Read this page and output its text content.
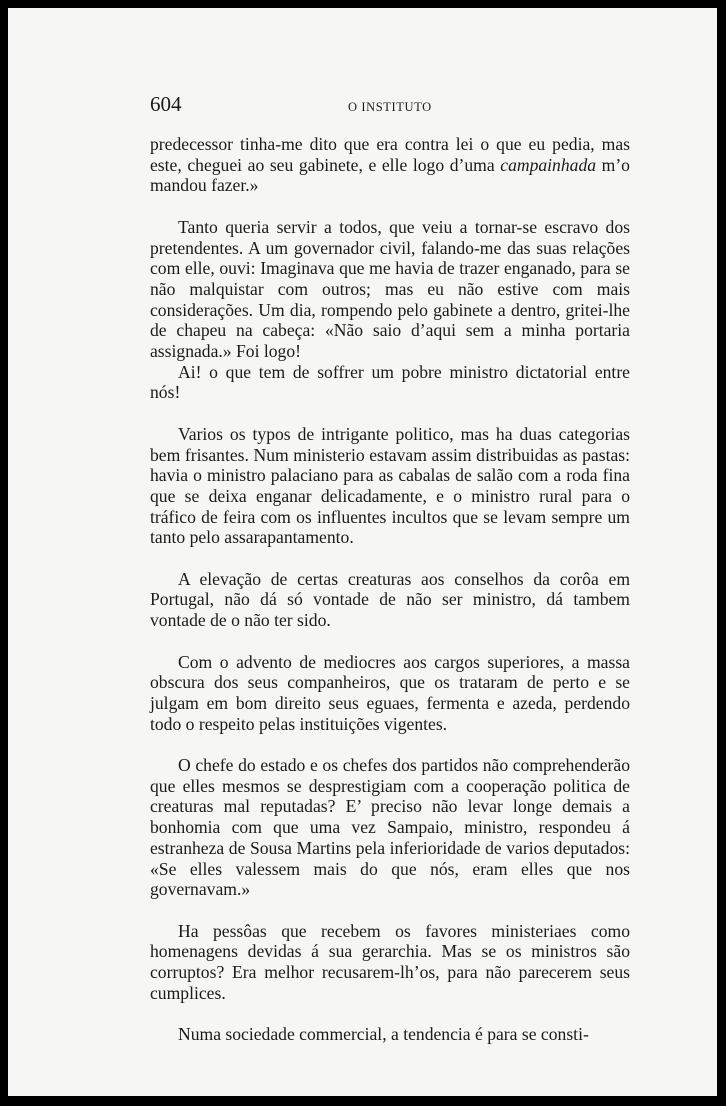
604	O INSTITUTO

predecessor tinha-me dito que era contra lei o que eu pedia, mas este, cheguei ao seu gabinete, e elle logo d’uma campainhada m’o mandou fazer.»

Tanto queria servir a todos, que veiu a tornar-se escravo dos pretendentes. A um governador civil, falando-me das suas relações com elle, ouvi: Imaginava que me havia de trazer enganado, para se não malquistar com outros; mas eu não estive com mais considerações. Um dia, rompendo pelo gabinete a dentro, gritei-lhe de chapeu na cabeça: «Não saio d’aqui sem a minha portaria assignada.» Foi logo!

Ai! o que tem de soffrer um pobre ministro dictatorial entre nós!

Varios os typos de intrigante politico, mas ha duas categorias bem frisantes. Num ministerio estavam assim distribuidas as pastas: havia o ministro palaciano para as cabalas de salão com a roda fina que se deixa enganar delicadamente, e o ministro rural para o tráfico de feira com os influentes incultos que se levam sempre um tanto pelo assarapantamento.

A elevação de certas creaturas aos conselhos da corôa em Portugal, não dá só vontade de não ser ministro, dá tambem vontade de o não ter sido.

Com o advento de mediocres aos cargos superiores, a massa obscura dos seus companheiros, que os trataram de perto e se julgam em bom direito seus eguaes, fermenta e azeda, perdendo todo o respeito pelas instituições vigentes.

O chefe do estado e os chefes dos partidos não comprehenderão que elles mesmos se desprestigiam com a cooperação politica de creaturas mal reputadas? E’ preciso não levar longe demais a bonhomia com que uma vez Sampaio, ministro, respondeu á estranheza de Sousa Martins pela inferioridade de varios deputados: «Se elles valessem mais do que nós, eram elles que nos governavam.»

Ha pessôas que recebem os favores ministeriaes como homenagens devidas á sua gerarchia. Mas se os ministros são corruptos? Era melhor recusarem-lh’os, para não parecerem seus cumplices.

Numa sociedade commercial, a tendencia é para se consti-
